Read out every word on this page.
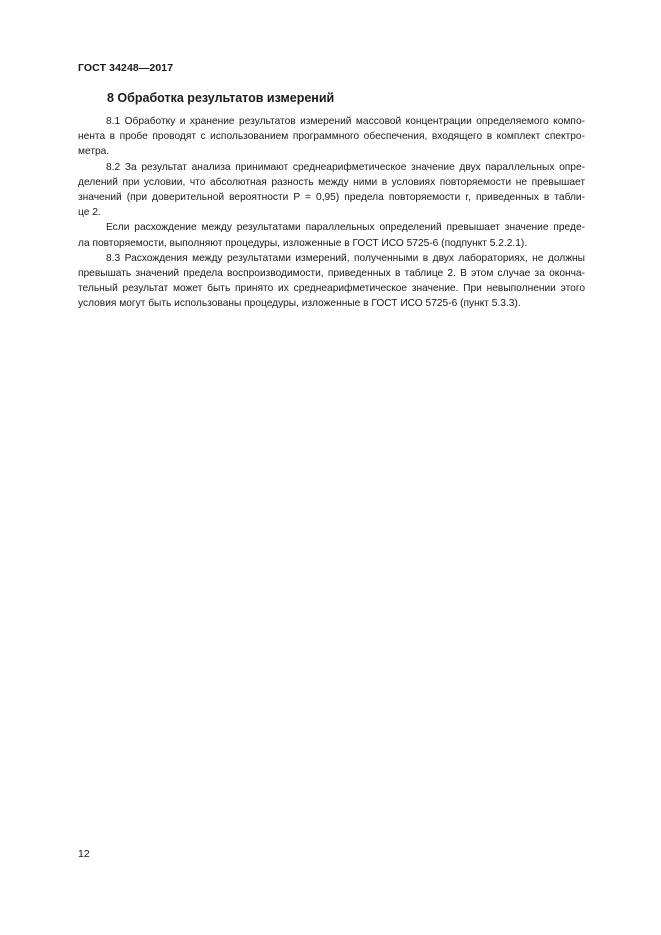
ГОСТ 34248—2017
8 Обработка результатов измерений
8.1 Обработку и хранение результатов измерений массовой концентрации определяемого компо-
нента в пробе проводят с использованием программного обеспечения, входящего в комплект спектро-
метра.
8.2 За результат анализа принимают среднеарифметическое значение двух параллельных опре-
делений при условии, что абсолютная разность между ними в условиях повторяемости не превышает
значений (при доверительной вероятности P = 0,95) предела повторяемости r, приведенных в табли-
це 2.
Если расхождение между результатами параллельных определений превышает значение преде-
ла повторяемости, выполняют процедуры, изложенные в ГОСТ ИСО 5725-6 (подпункт 5.2.2.1).
8.3 Расхождения между результатами измерений, полученными в двух лабораториях, не должны
превышать значений предела воспроизводимости, приведенных в таблице 2. В этом случае за оконча-
тельный результат может быть принято их среднеарифметическое значение. При невыполнении этого
условия могут быть использованы процедуры, изложенные в ГОСТ ИСО 5725-6 (пункт 5.3.3).
12
